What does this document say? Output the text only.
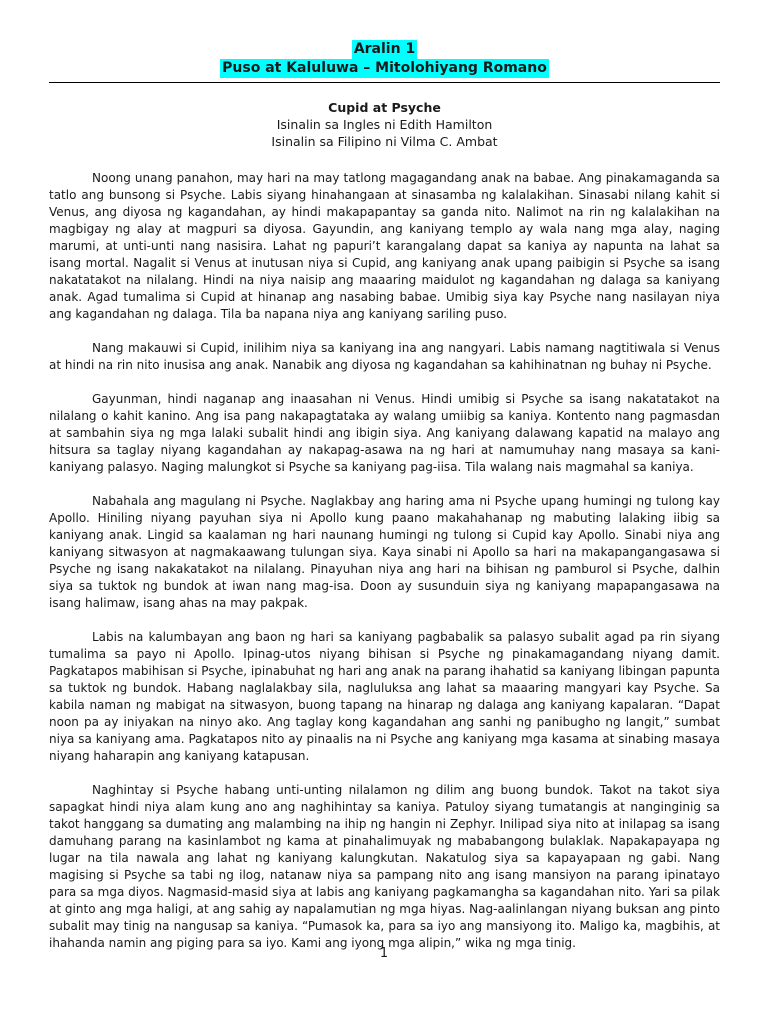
Aralin 1
Puso at Kaluluwa – Mitolohiyang Romano
Cupid at Psyche
Isinalin sa Ingles ni Edith Hamilton
Isinalin sa Filipino ni Vilma C. Ambat

Noong unang panahon, may hari na may tatlong magagandang anak na babae. Ang pinakamaganda sa tatlo ang bunsong si Psyche. Labis siyang hinahangaan at sinasamba ng kalalakihan. Sinasabi nilang kahit si Venus, ang diyosa ng kagandahan, ay hindi makapapantay sa ganda nito. Nalimot na rin ng kalalakihan na magbigay ng alay at magpuri sa diyosa. Gayundin, ang kaniyang templo ay wala nang mga alay, naging marumi, at unti-unti nang nasisira. Lahat ng papuri’t karangalang dapat sa kaniya ay napunta na lahat sa isang mortal. Nagalit si Venus at inutusan niya si Cupid, ang kaniyang anak upang paibigin si Psyche sa isang nakatatakot na nilalang. Hindi na niya naisip ang maaaring maidulot ng kagandahan ng dalaga sa kaniyang anak. Agad tumalima si Cupid at hinanap ang nasabing babae. Umibig siya kay Psyche nang nasilayan niya ang kagandahan ng dalaga. Tila ba napana niya ang kaniyang sariling puso.

Nang makauwi si Cupid, inilihim niya sa kaniyang ina ang nangyari. Labis namang nagtitiwala si Venus at hindi na rin nito inusisa ang anak. Nanabik ang diyosa ng kagandahan sa kahihinatnan ng buhay ni Psyche.

Gayunman, hindi naganap ang inaasahan ni Venus. Hindi umibig si Psyche sa isang nakatatakot na nilalang o kahit kanino. Ang isa pang nakapagtataka ay walang umiibig sa kaniya. Kontento nang pagmasdan at sambahin siya ng mga lalaki subalit hindi ang ibigin siya. Ang kaniyang dalawang kapatid na malayo ang hitsura sa taglay niyang kagandahan ay nakapag-asawa na ng hari at namumuhay nang masaya sa kani-kaniyang palasyo. Naging malungkot si Psyche sa kaniyang pag-iisa. Tila walang nais magmahal sa kaniya.

Nabahala ang magulang ni Psyche. Naglakbay ang haring ama ni Psyche upang humingi ng tulong kay Apollo. Hiniling niyang payuhan siya ni Apollo kung paano makahahanap ng mabuting lalaking iibig sa kaniyang anak. Lingid sa kaalaman ng hari naunang humingi ng tulong si Cupid kay Apollo. Sinabi niya ang kaniyang sitwasyon at nagmakaawang tulungan siya. Kaya sinabi ni Apollo sa hari na makapangangasawa si Psyche ng isang nakakatakot na nilalang. Pinayuhan niya ang hari na bihisan ng pamburol si Psyche, dalhin siya sa tuktok ng bundok at iwan nang mag-isa. Doon ay susunduin siya ng kaniyang mapapangasawa na isang halimaw, isang ahas na may pakpak.

Labis na kalumbayan ang baon ng hari sa kaniyang pagbabalik sa palasyo subalit agad pa rin siyang tumalima sa payo ni Apollo. Ipinag-utos niyang bihisan si Psyche ng pinakamagandang niyang damit. Pagkatapos mabihisan si Psyche, ipinabuhat ng hari ang anak na parang ihahatid sa kaniyang libingan papunta sa tuktok ng bundok. Habang naglalakbay sila, nagluluksa ang lahat sa maaaring mangyari kay Psyche. Sa kabila naman ng mabigat na sitwasyon, buong tapang na hinarap ng dalaga ang kaniyang kapalaran. “Dapat noon pa ay iniyakan na ninyo ako. Ang taglay kong kagandahan ang sanhi ng panibugho ng langit,” sumbat niya sa kaniyang ama. Pagkatapos nito ay pinaalis na ni Psyche ang kaniyang mga kasama at sinabing masaya niyang haharapin ang kaniyang katapusan.

Naghintay si Psyche habang unti-unting nilalamon ng dilim ang buong bundok. Takot na takot siya sapagkat hindi niya alam kung ano ang naghihintay sa kaniya. Patuloy siyang tumatangis at nanginginig sa takot hanggang sa dumating ang malambing na ihip ng hangin ni Zephyr. Inilipad siya nito at inilapag sa isang damuhang parang na kasinlambot ng kama at pinahalimuyak ng mababangong bulaklak. Napakapayapa ng lugar na tila nawala ang lahat ng kaniyang kalungkutan. Nakatulog siya sa kapayapaan ng gabi. Nang magising si Psyche sa tabi ng ilog, natanaw niya sa pampang nito ang isang mansiyon na parang ipinatayo para sa mga diyos. Nagmasid-masid siya at labis ang kaniyang pagkamangha sa kagandahan nito. Yari sa pilak at ginto ang mga haligi, at ang sahig ay napalamutian ng mga hiyas. Nag-aalinlangan niyang buksan ang pinto subalit may tinig na nangusap sa kaniya. “Pumasok ka, para sa iyo ang mansiyong ito. Maligo ka, magbihis, at ihahanda namin ang piging para sa iyo. Kami ang iyong mga alipin,” wika ng mga tinig.

1
